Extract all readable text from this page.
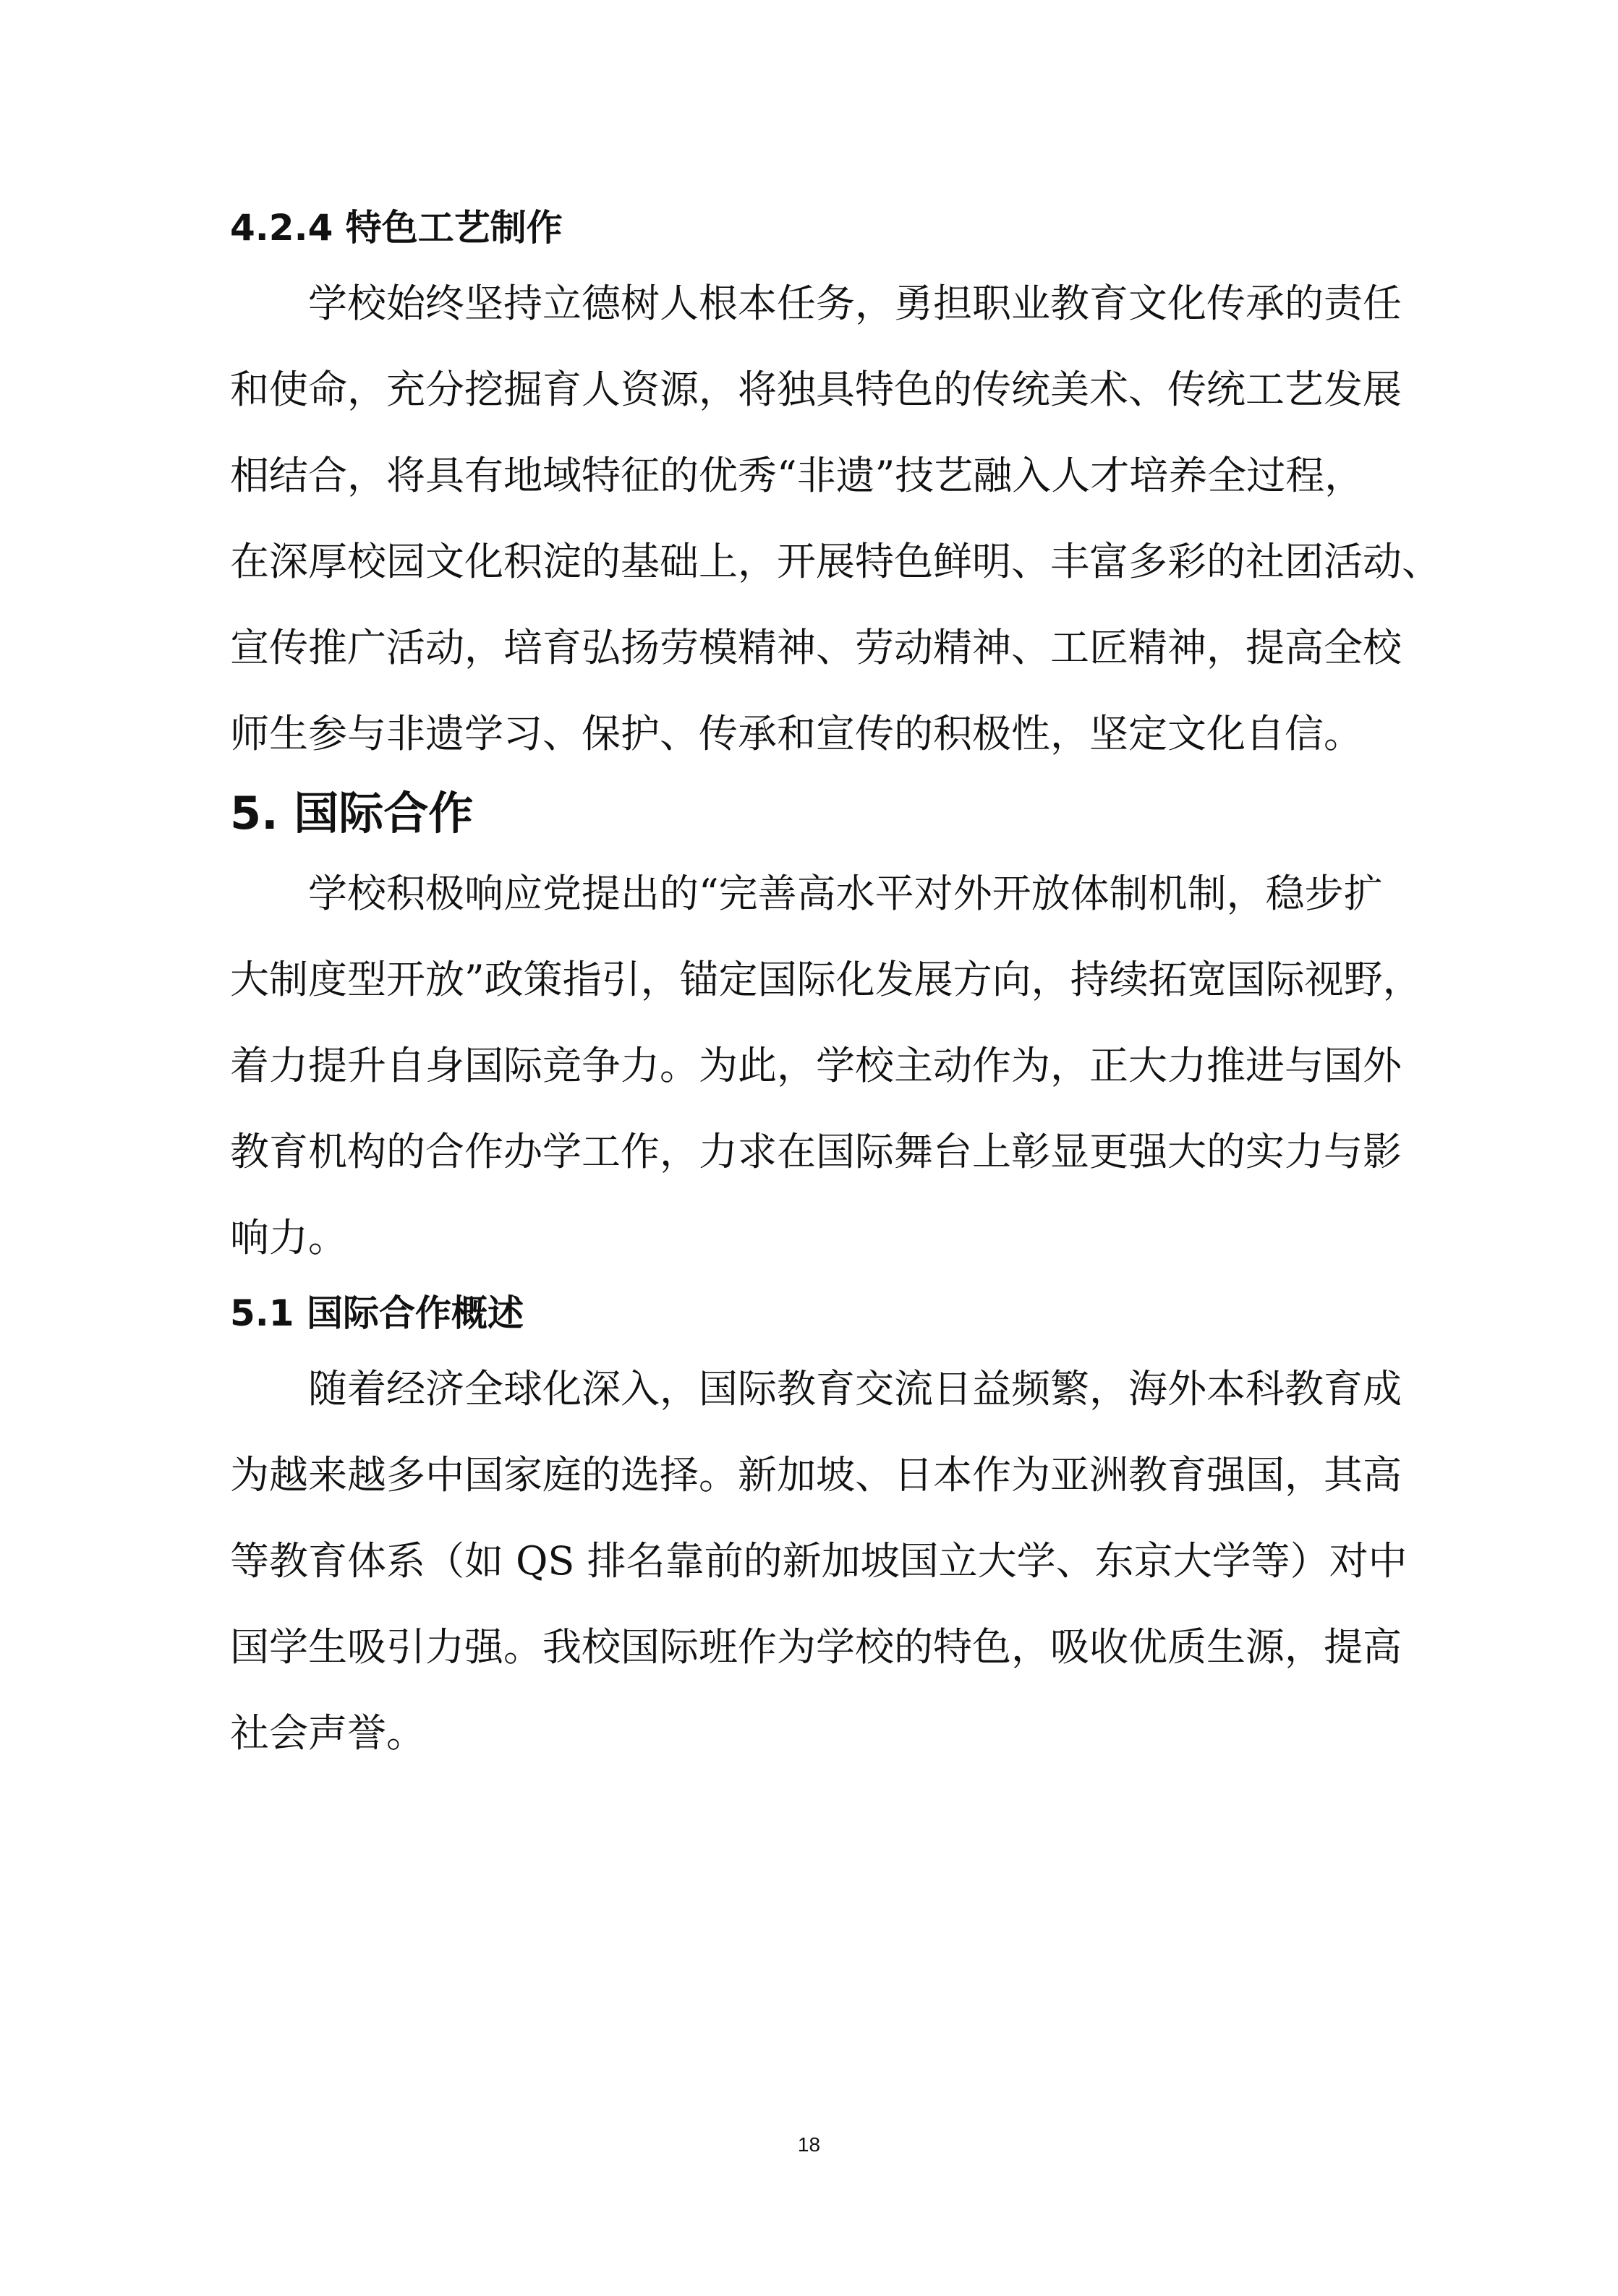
4.2.4 特色工艺制作
学校始终坚持立德树人根本任务，勇担职业教育文化传承的责任
和使命，充分挖掘育人资源，将独具特色的传统美术、传统工艺发展
相结合，将具有地域特征的优秀“非遗”技艺融入人才培养全过程，
在深厚校园文化积淀的基础上，开展特色鲜明、丰富多彩的社团活动、
宣传推广活动，培育弘扬劳模精神、劳动精神、工匠精神，提高全校
师生参与非遗学习、保护、传承和宣传的积极性，坚定文化自信。
5. 国际合作
学校积极响应党提出的“完善高水平对外开放体制机制，稳步扩
大制度型开放”政策指引，锚定国际化发展方向，持续拓宽国际视野，
着力提升自身国际竞争力。为此，学校主动作为，正大力推进与国外
教育机构的合作办学工作，力求在国际舞台上彰显更强大的实力与影
响力。
5.1 国际合作概述
随着经济全球化深入，国际教育交流日益频繁，海外本科教育成
为越来越多中国家庭的选择。新加坡、日本作为亚洲教育强国，其高
等教育体系（如 QS 排名靠前的新加坡国立大学、东京大学等）对中
国学生吸引力强。我校国际班作为学校的特色，吸收优质生源，提高
社会声誉。
18
